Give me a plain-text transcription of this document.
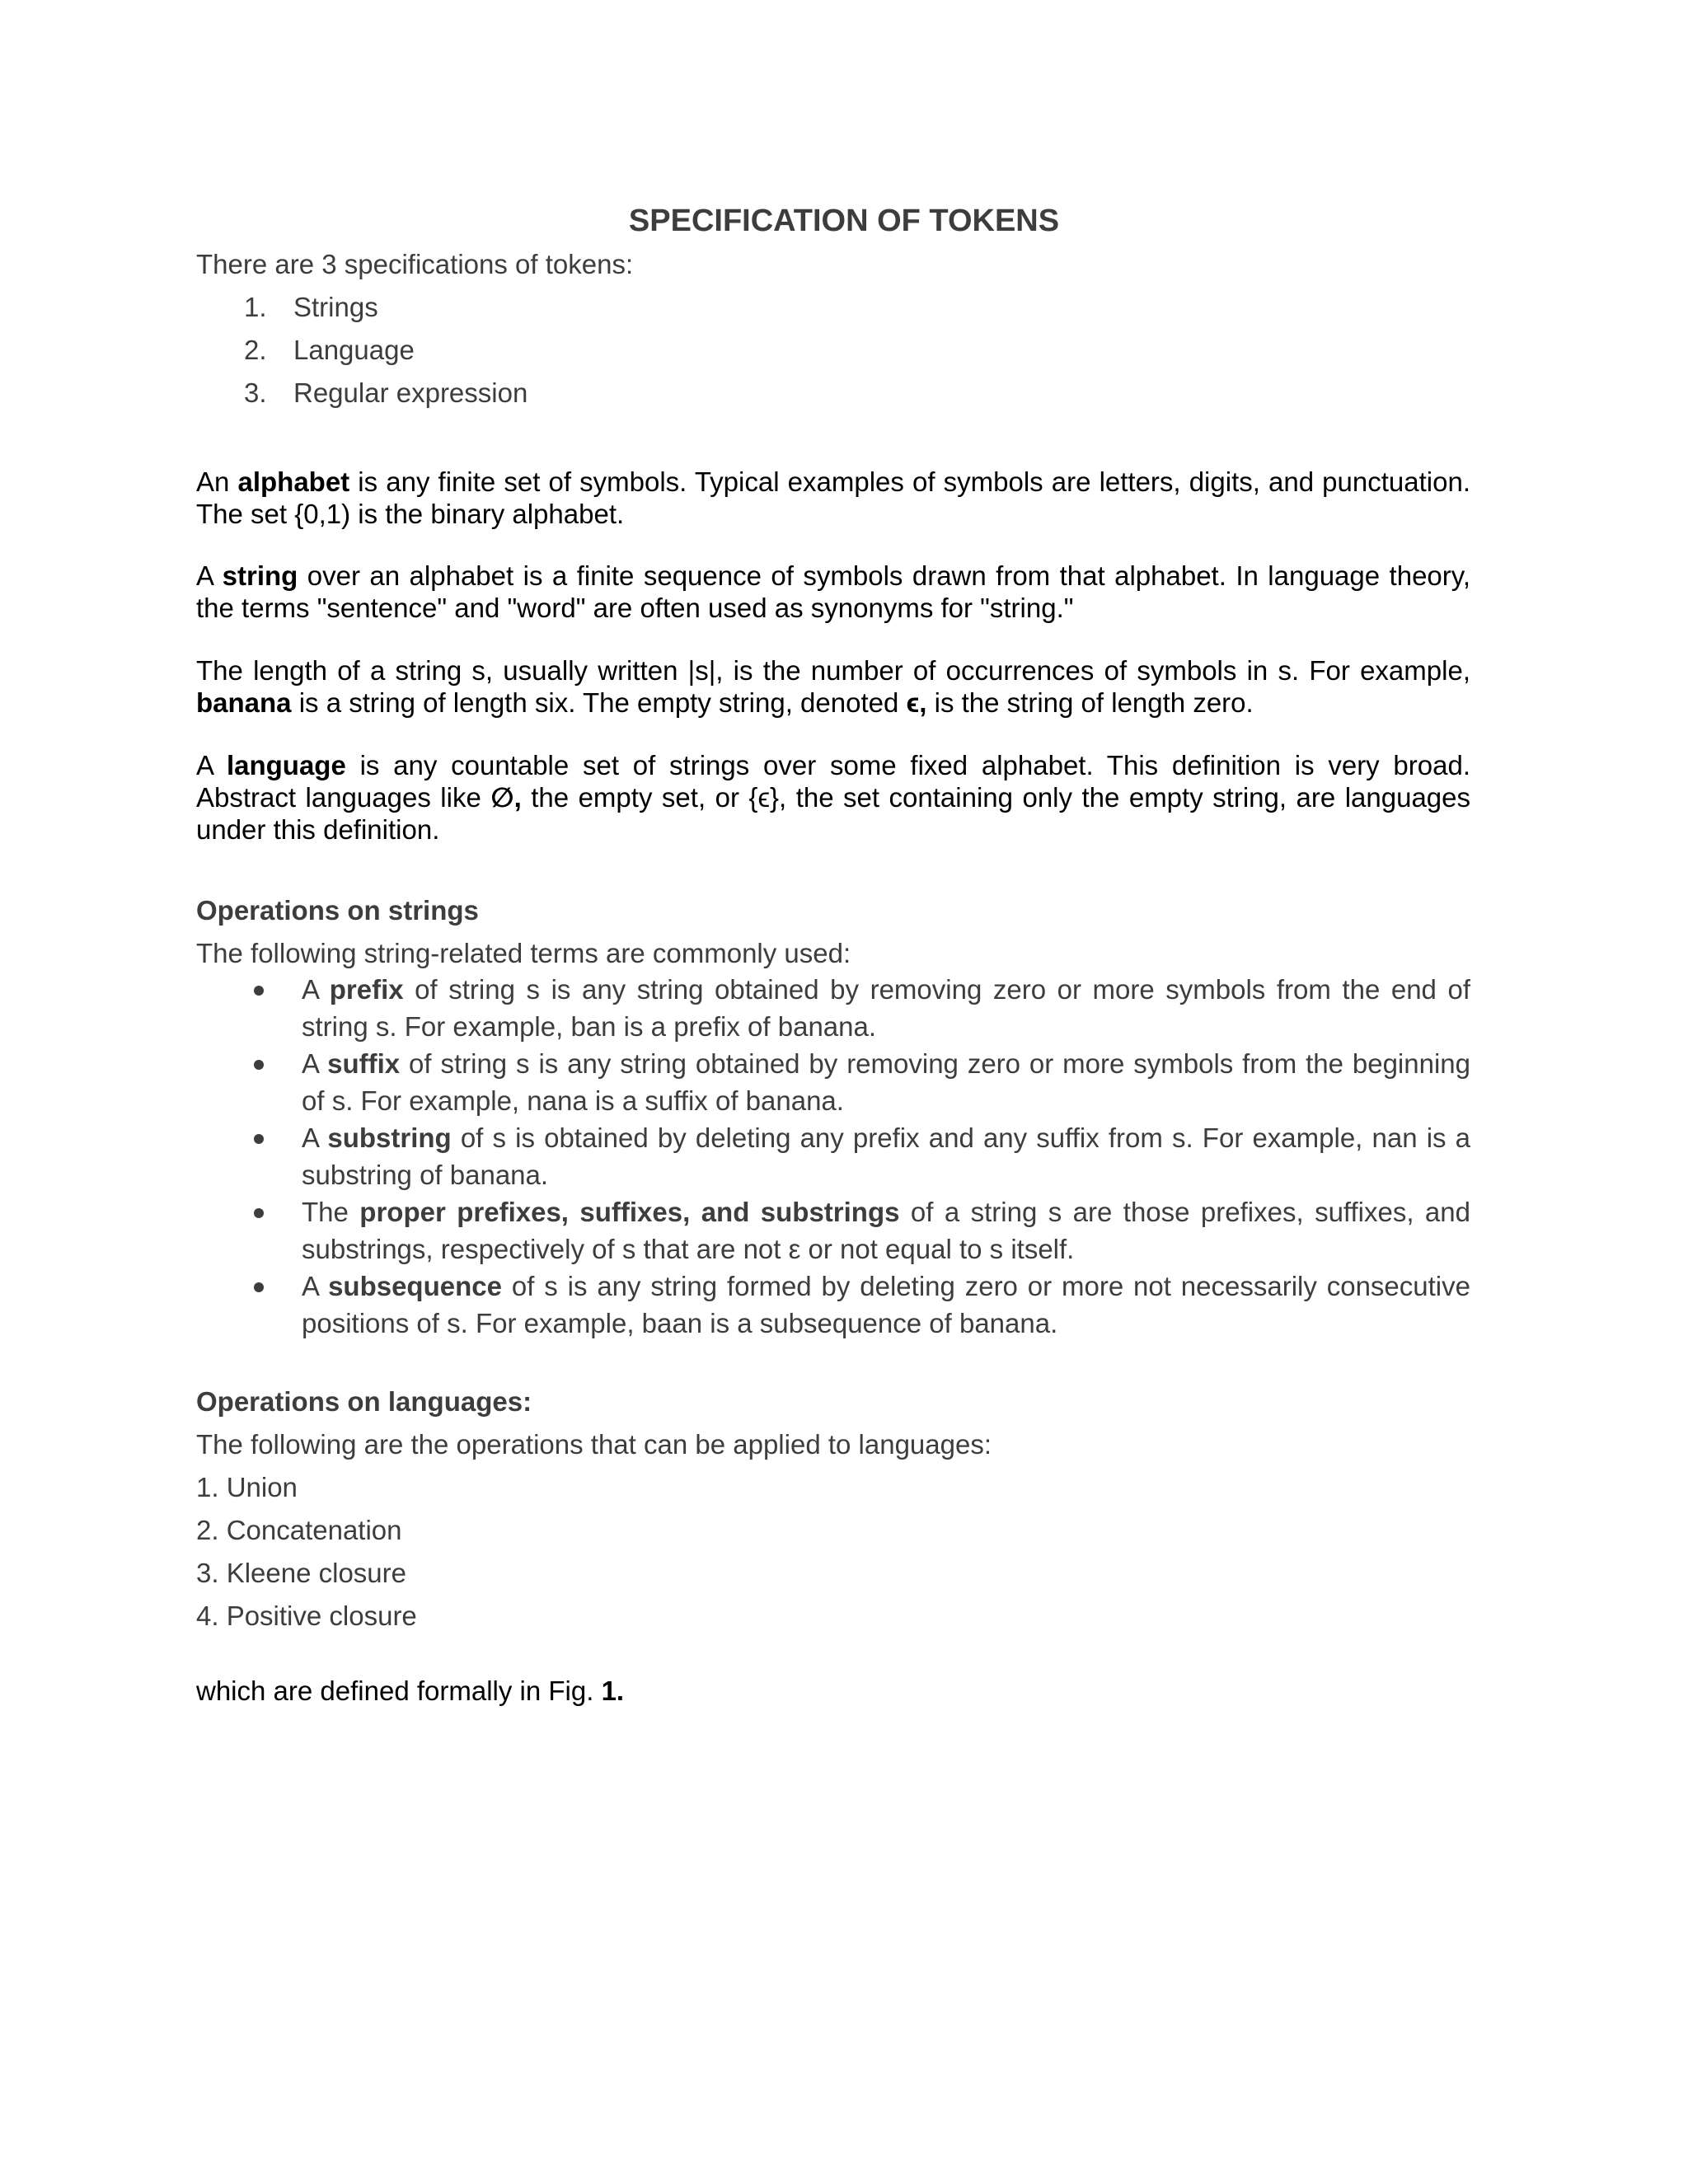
SPECIFICATION OF TOKENS
There are 3 specifications of tokens:
1. Strings
2. Language
3. Regular expression
An alphabet is any finite set of symbols. Typical examples of symbols are letters, digits, and punctuation. The set {0,1) is the binary alphabet.
A string over an alphabet is a finite sequence of symbols drawn from that alphabet. In language theory, the terms "sentence" and "word" are often used as synonyms for "string."
The length of a string s, usually written |s|, is the number of occurrences of symbols in s. For example, banana is a string of length six. The empty string, denoted ϵ, is the string of length zero.
A language is any countable set of strings over some fixed alphabet. This definition is very broad. Abstract languages like ∅, the empty set, or {ϵ}, the set containing only the empty string, are languages under this definition.
Operations on strings
The following string-related terms are commonly used:
A prefix of string s is any string obtained by removing zero or more symbols from the end of string s. For example, ban is a prefix of banana.
A suffix of string s is any string obtained by removing zero or more symbols from the beginning of s. For example, nana is a suffix of banana.
A substring of s is obtained by deleting any prefix and any suffix from s. For example, nan is a substring of banana.
The proper prefixes, suffixes, and substrings of a string s are those prefixes, suffixes, and substrings, respectively of s that are not ε or not equal to s itself.
A subsequence of s is any string formed by deleting zero or more not necessarily consecutive positions of s. For example, baan is a subsequence of banana.
Operations on languages:
The following are the operations that can be applied to languages:
1. Union
2. Concatenation
3. Kleene closure
4. Positive closure
which are defined formally in Fig. 1.
